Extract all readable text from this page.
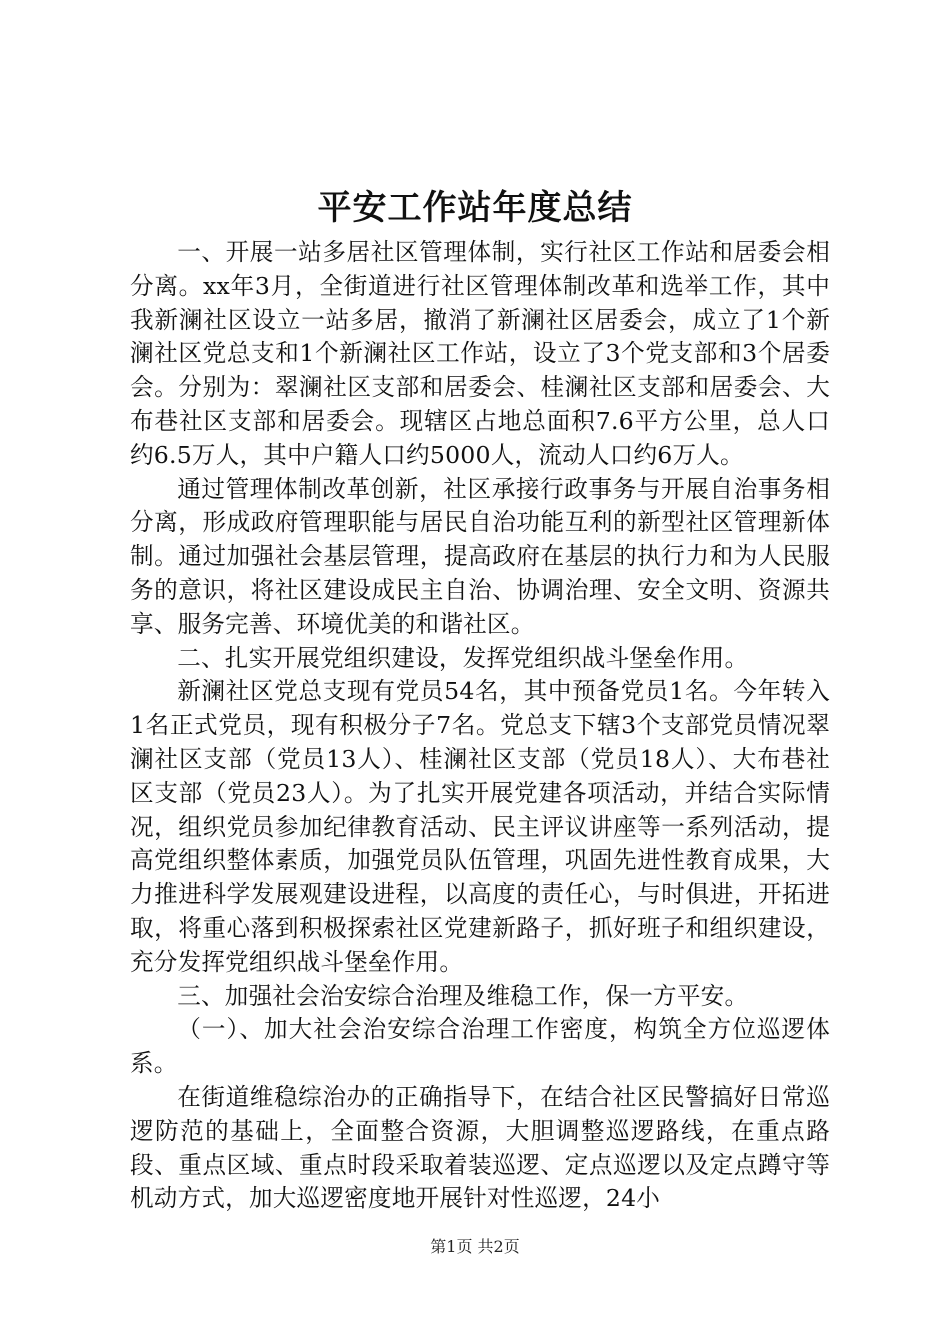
平安工作站年度总结

一、开展一站多居社区管理体制，实行社区工作站和居委会相分离。xx年3月，全街道进行社区管理体制改革和选举工作，其中我新澜社区设立一站多居，撤消了新澜社区居委会，成立了1个新澜社区党总支和1个新澜社区工作站，设立了3个党支部和3个居委会。分别为：翠澜社区支部和居委会、桂澜社区支部和居委会、大布巷社区支部和居委会。现辖区占地总面积7.6平方公里，总人口约6.5万人，其中户籍人口约5000人，流动人口约6万人。

通过管理体制改革创新，社区承接行政事务与开展自治事务相分离，形成政府管理职能与居民自治功能互利的新型社区管理新体制。通过加强社会基层管理，提高政府在基层的执行力和为人民服务的意识，将社区建设成民主自治、协调治理、安全文明、资源共享、服务完善、环境优美的和谐社区。

二、扎实开展党组织建设，发挥党组织战斗堡垒作用。

新澜社区党总支现有党员54名，其中预备党员1名。今年转入1名正式党员，现有积极分子7名。党总支下辖3个支部党员情况翠澜社区支部（党员13人）、桂澜社区支部（党员18人）、大布巷社区支部（党员23人）。为了扎实开展党建各项活动，并结合实际情况，组织党员参加纪律教育活动、民主评议讲座等一系列活动，提高党组织整体素质，加强党员队伍管理，巩固先进性教育成果，大力推进科学发展观建设进程，以高度的责任心，与时俱进，开拓进取，将重心落到积极探索社区党建新路子，抓好班子和组织建设，充分发挥党组织战斗堡垒作用。

三、加强社会治安综合治理及维稳工作，保一方平安。

（一）、加大社会治安综合治理工作密度，构筑全方位巡逻体系。

在街道维稳综治办的正确指导下，在结合社区民警搞好日常巡逻防范的基础上，全面整合资源，大胆调整巡逻路线，在重点路段、重点区域、重点时段采取着装巡逻、定点巡逻以及定点蹲守等机动方式，加大巡逻密度地开展针对性巡逻，24小

第1页 共2页
